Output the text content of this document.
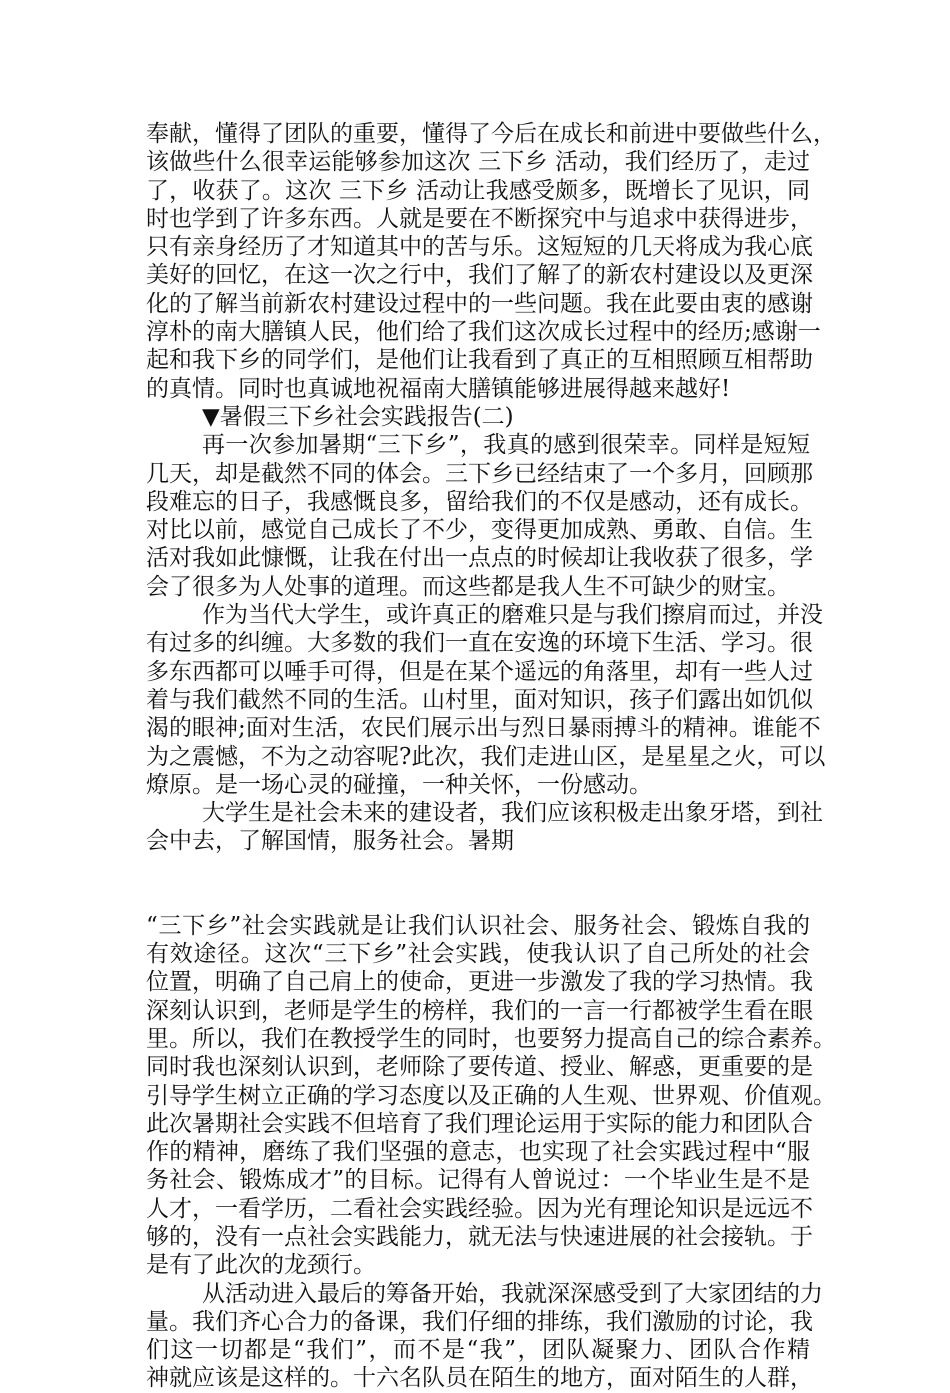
奉献，懂得了团队的重要，懂得了今后在成长和前进中要做些什么，
该做些什么很幸运能够参加这次 三下乡 活动，我们经历了，走过
了，收获了。这次 三下乡 活动让我感受颇多，既增长了见识，同
时也学到了许多东西。人就是要在不断探究中与追求中获得进步，
只有亲身经历了才知道其中的苦与乐。这短短的几天将成为我心底
美好的回忆，在这一次之行中，我们了解了的新农村建设以及更深
化的了解当前新农村建设过程中的一些问题。我在此要由衷的感谢
淳朴的南大膳镇人民，他们给了我们这次成长过程中的经历;感谢一
起和我下乡的同学们，是他们让我看到了真正的互相照顾互相帮助
的真情。同时也真诚地祝福南大膳镇能够进展得越来越好!
▼暑假三下乡社会实践报告(二)
再一次参加暑期“三下乡”，我真的感到很荣幸。同样是短短
几天，却是截然不同的体会。三下乡已经结束了一个多月，回顾那
段难忘的日子，我感慨良多，留给我们的不仅是感动，还有成长。
对比以前，感觉自己成长了不少，变得更加成熟、勇敢、自信。生
活对我如此慷慨，让我在付出一点点的时候却让我收获了很多，学
会了很多为人处事的道理。而这些都是我人生不可缺少的财宝。
作为当代大学生，或许真正的磨难只是与我们擦肩而过，并没
有过多的纠缠。大多数的我们一直在安逸的环境下生活、学习。很
多东西都可以唾手可得，但是在某个遥远的角落里，却有一些人过
着与我们截然不同的生活。山村里，面对知识，孩子们露出如饥似
渴的眼神;面对生活，农民们展示出与烈日暴雨搏斗的精神。谁能不
为之震憾，不为之动容呢?此次，我们走进山区，是星星之火，可以
燎原。是一场心灵的碰撞，一种关怀，一份感动。
大学生是社会未来的建设者，我们应该积极走出象牙塔，到社
会中去，了解国情，服务社会。暑期
“三下乡”社会实践就是让我们认识社会、服务社会、锻炼自我的
有效途径。这次“三下乡”社会实践，使我认识了自己所处的社会
位置，明确了自己肩上的使命，更进一步激发了我的学习热情。我
深刻认识到，老师是学生的榜样，我们的一言一行都被学生看在眼
里。所以，我们在教授学生的同时，也要努力提高自己的综合素养。
同时我也深刻认识到，老师除了要传道、授业、解惑，更重要的是
引导学生树立正确的学习态度以及正确的人生观、世界观、价值观。
此次暑期社会实践不但培育了我们理论运用于实际的能力和团队合
作的精神，磨练了我们坚强的意志，也实现了社会实践过程中“服
务社会、锻炼成才”的目标。记得有人曾说过：一个毕业生是不是
人才，一看学历，二看社会实践经验。因为光有理论知识是远远不
够的，没有一点社会实践能力，就无法与快速进展的社会接轨。于
是有了此次的龙颈行。
从活动进入最后的筹备开始，我就深深感受到了大家团结的力
量。我们齐心合力的备课，我们仔细的排练，我们激励的讨论，我
们这一切都是“我们”，而不是“我”，团队凝聚力、团队合作精
神就应该是这样的。十六名队员在陌生的地方，面对陌生的人群，
